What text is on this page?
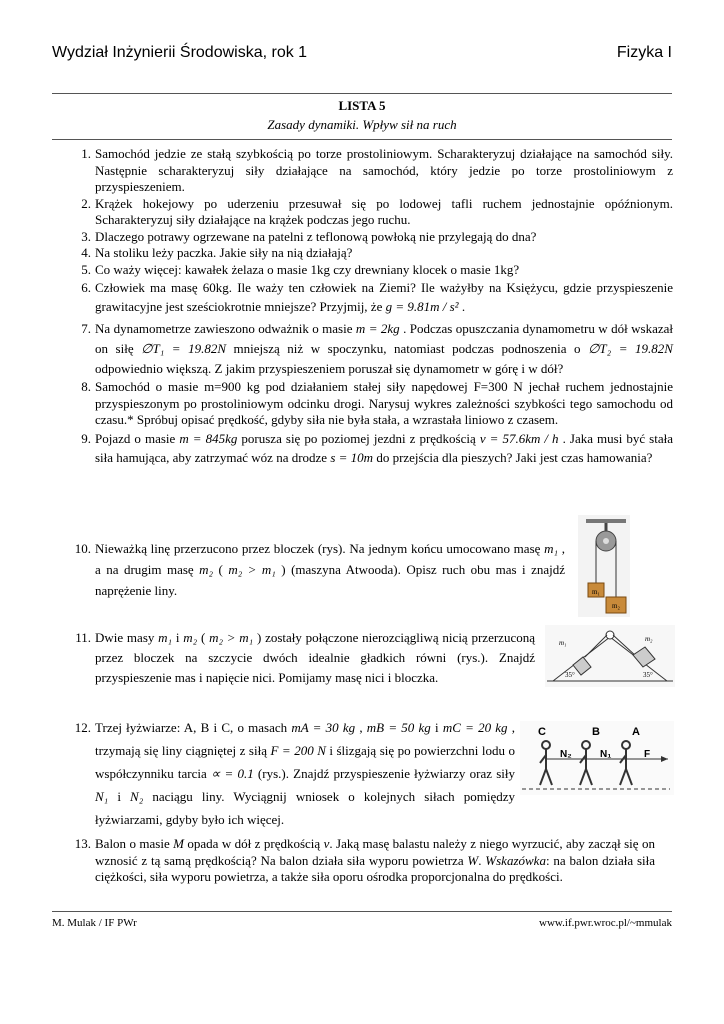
Wydział Inżynierii Środowiska, rok 1	Fizyka I
LISTA 5
Zasady dynamiki. Wpływ sił na ruch
1. Samochód jedzie ze stałą szybkością po torze prostoliniowym. Scharakteryzuj działające na samochód siły. Następnie scharakteryzuj siły działające na samochód, który jedzie po torze prostoliniowym z przyspieszeniem.
2. Krążek hokejowy po uderzeniu przesuwał się po lodowej tafli ruchem jednostajnie opóźnionym. Scharakteryzuj siły działające na krążek podczas jego ruchu.
3. Dlaczego potrawy ogrzewane na patelni z teflonową powłoką nie przylegają do dna?
4. Na stoliku leży paczka. Jakie siły na nią działają?
5. Co waży więcej: kawałek żelaza o masie 1kg czy drewniany klocek o masie 1kg?
6. Człowiek ma masę 60kg. Ile waży ten człowiek na Ziemi? Ile ważyłby na Księżycu, gdzie przyspieszenie grawitacyjne jest sześciokrotnie mniejsze? Przyjmij, że g = 9.81m / s² .
7. Na dynamometrze zawieszono odważnik o masie m = 2kg . Podczas opuszczania dynamometru w dół wskazał on siłę ∅T₁ = 19.82N mniejszą niż w spoczynku, natomiast podczas podnoszenia o ∅T₂ = 19.82N odpowiednio większą. Z jakim przyspieszeniem poruszał się dynamometr w górę i w dół?
8. Samochód o masie m=900 kg pod działaniem stałej siły napędowej F=300 N jechał ruchem jednostajnie przyspieszonym po prostoliniowym odcinku drogi. Narysuj wykres zależności szybkości tego samochodu od czasu.* Spróbuj opisać prędkość, gdyby siła nie była stała, a wzrastała liniowo z czasem.
9. Pojazd o masie m = 845kg porusza się po poziomej jezdni z prędkością v = 57.6km / h . Jaka musi być stała siła hamująca, aby zatrzymać wóz na drodze s = 10m do przejścia dla pieszych? Jaki jest czas hamowania?
10. Nieważką linę przerzucono przez bloczek (rys). Na jednym końcu umocowano masę m₁ , a na drugim masę m₂ ( m₂ > m₁ ) (maszyna Atwooda). Opisz ruch obu mas i znajdź naprężenie liny.
11. Dwie masy m₁ i m₂ ( m₂ > m₁ ) zostały połączone nierozciągliwą nicią przerzuconą przez bloczek na szczycie dwóch idealnie gładkich równi (rys.). Znajdź przyspieszenie mas i napięcie nici. Pomijamy masę nici i bloczka.
12. Trzej łyżwiarze: A, B i C, o masach mA = 30 kg , mB = 50 kg i mC = 20 kg , trzymają się liny ciągniętej z siłą F = 200 N i ślizgają się po powierzchni lodu o współczynniku tarcia ∝ = 0.1 (rys.). Znajdź przyspieszenie łyżwiarzy oraz siły N₁ i N₂ naciągu liny. Wyciągnij wniosek o kolejnych siłach pomiędzy łyżwiarzami, gdyby było ich więcej.
13. Balon o masie M opada w dół z prędkością v. Jaką masę balastu należy z niego wyrzucić, aby zaczął się on wznosić z tą samą prędkością? Na balon działa siła wyporu powietrza W. Wskazówka: na balon działa siła ciężkości, siła wyporu powietrza, a także siła oporu ośrodka proporcjonalna do prędkości.
m₁
m₂
m₁	m₂
35°	35°
C	B	A
N₂	N₁	F
M. Mulak / IF PWr	www.if.pwr.wroc.pl/~mmulak
